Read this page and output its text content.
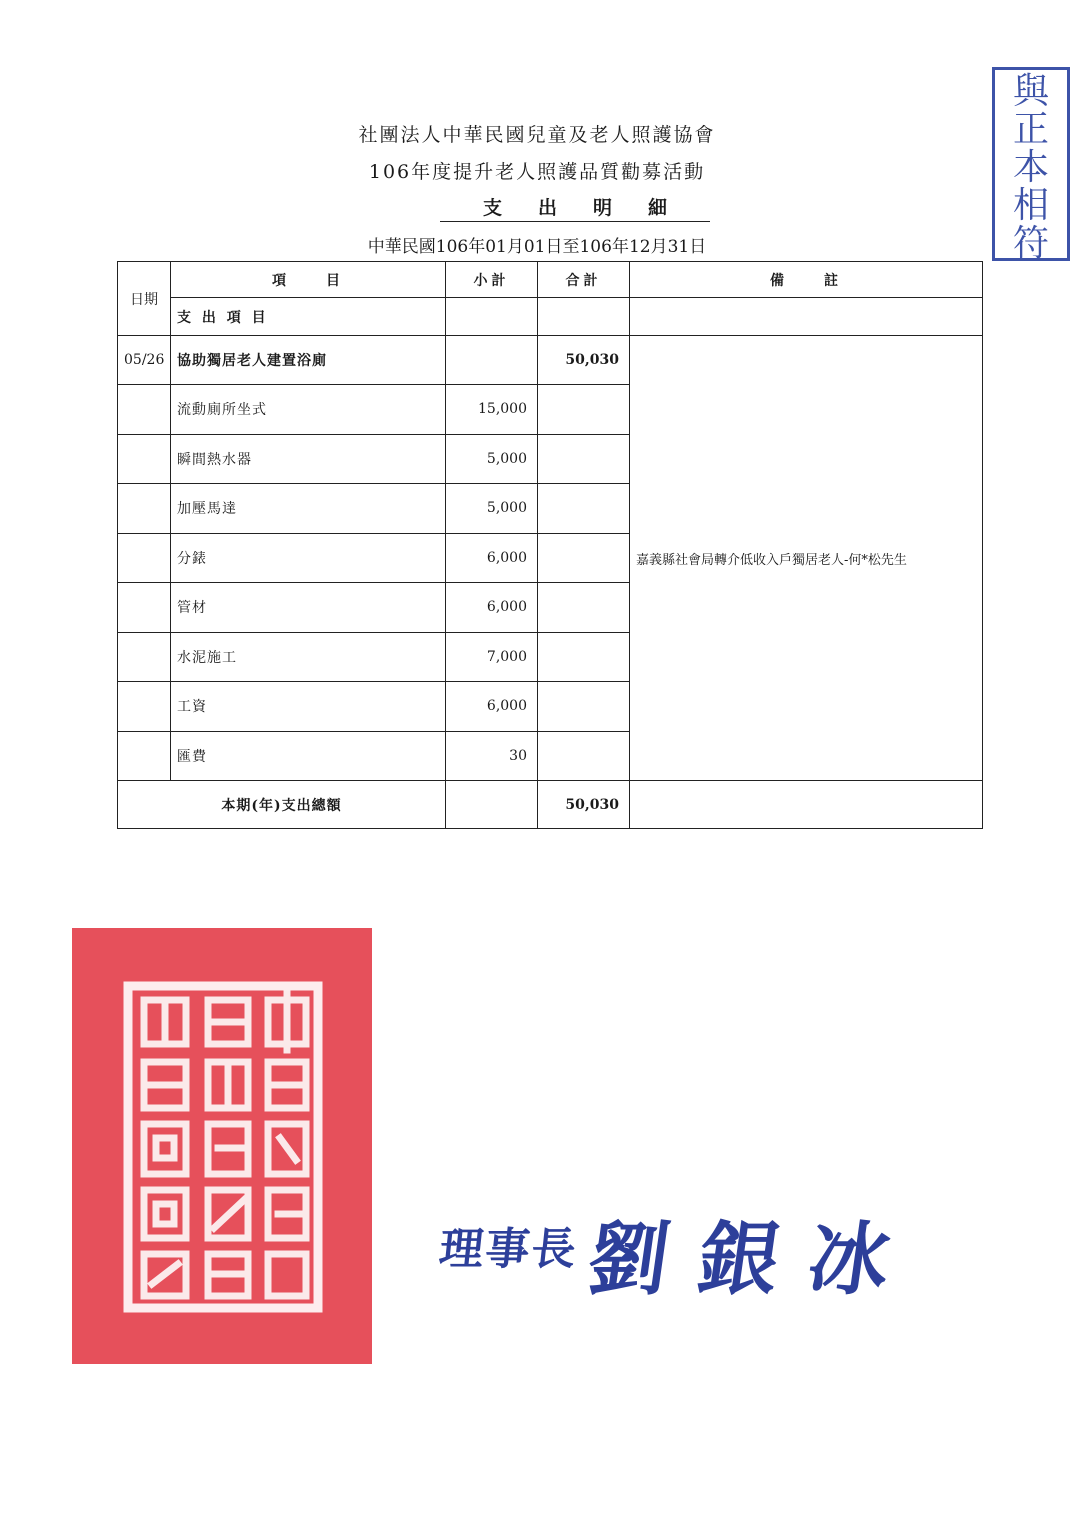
社團法人中華民國兒童及老人照護協會
106年度提升老人照護品質勸募活動
支出明細
中華民國106年01月01日至106年12月31日
與
正
本
相
符
日期	項　　目	小計	合計	備　　註
	支 出 項 目			
05/26	協助獨居老人建置浴廁		50,030	嘉義縣社會局轉介低收入戶獨居老人-何*松先生
	流動廁所坐式	15,000		
	瞬間熱水器	5,000		
	加壓馬達	5,000		
	分錶	6,000		
	管材	6,000		
	水泥施工	7,000		
	工資	6,000		
	匯費	30		
本期(年)支出總額			50,030	
理事長 劉銀冰
